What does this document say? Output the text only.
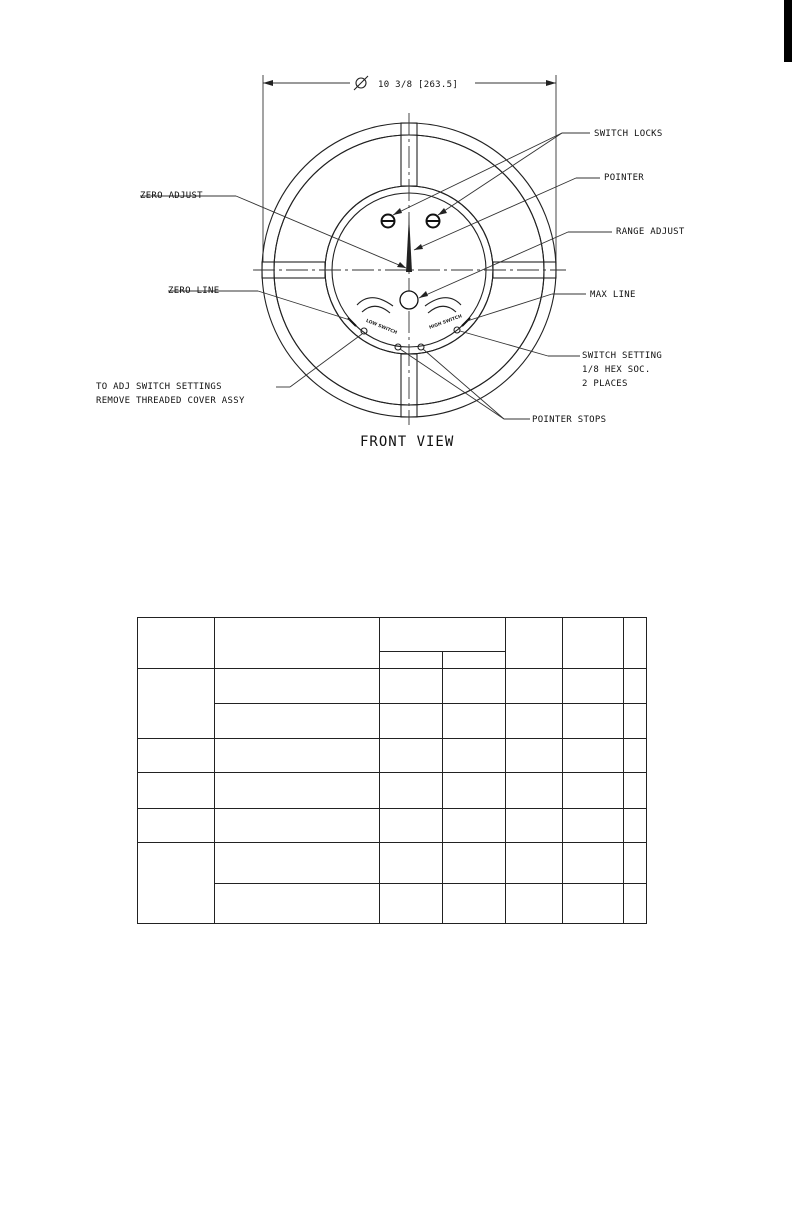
10 3/8 [263.5]
LOW SWITCH	HIGH SWITCH
SWITCH LOCKS
POINTER
ZERO ADJUST
RANGE ADJUST
ZERO LINE	MAX LINE
SWITCH SETTING
1/8 HEX SOC.
2 PLACES
TO ADJ SWITCH SETTINGS
REMOVE THREADED COVER ASSY
POINTER STOPS
FRONT VIEW
